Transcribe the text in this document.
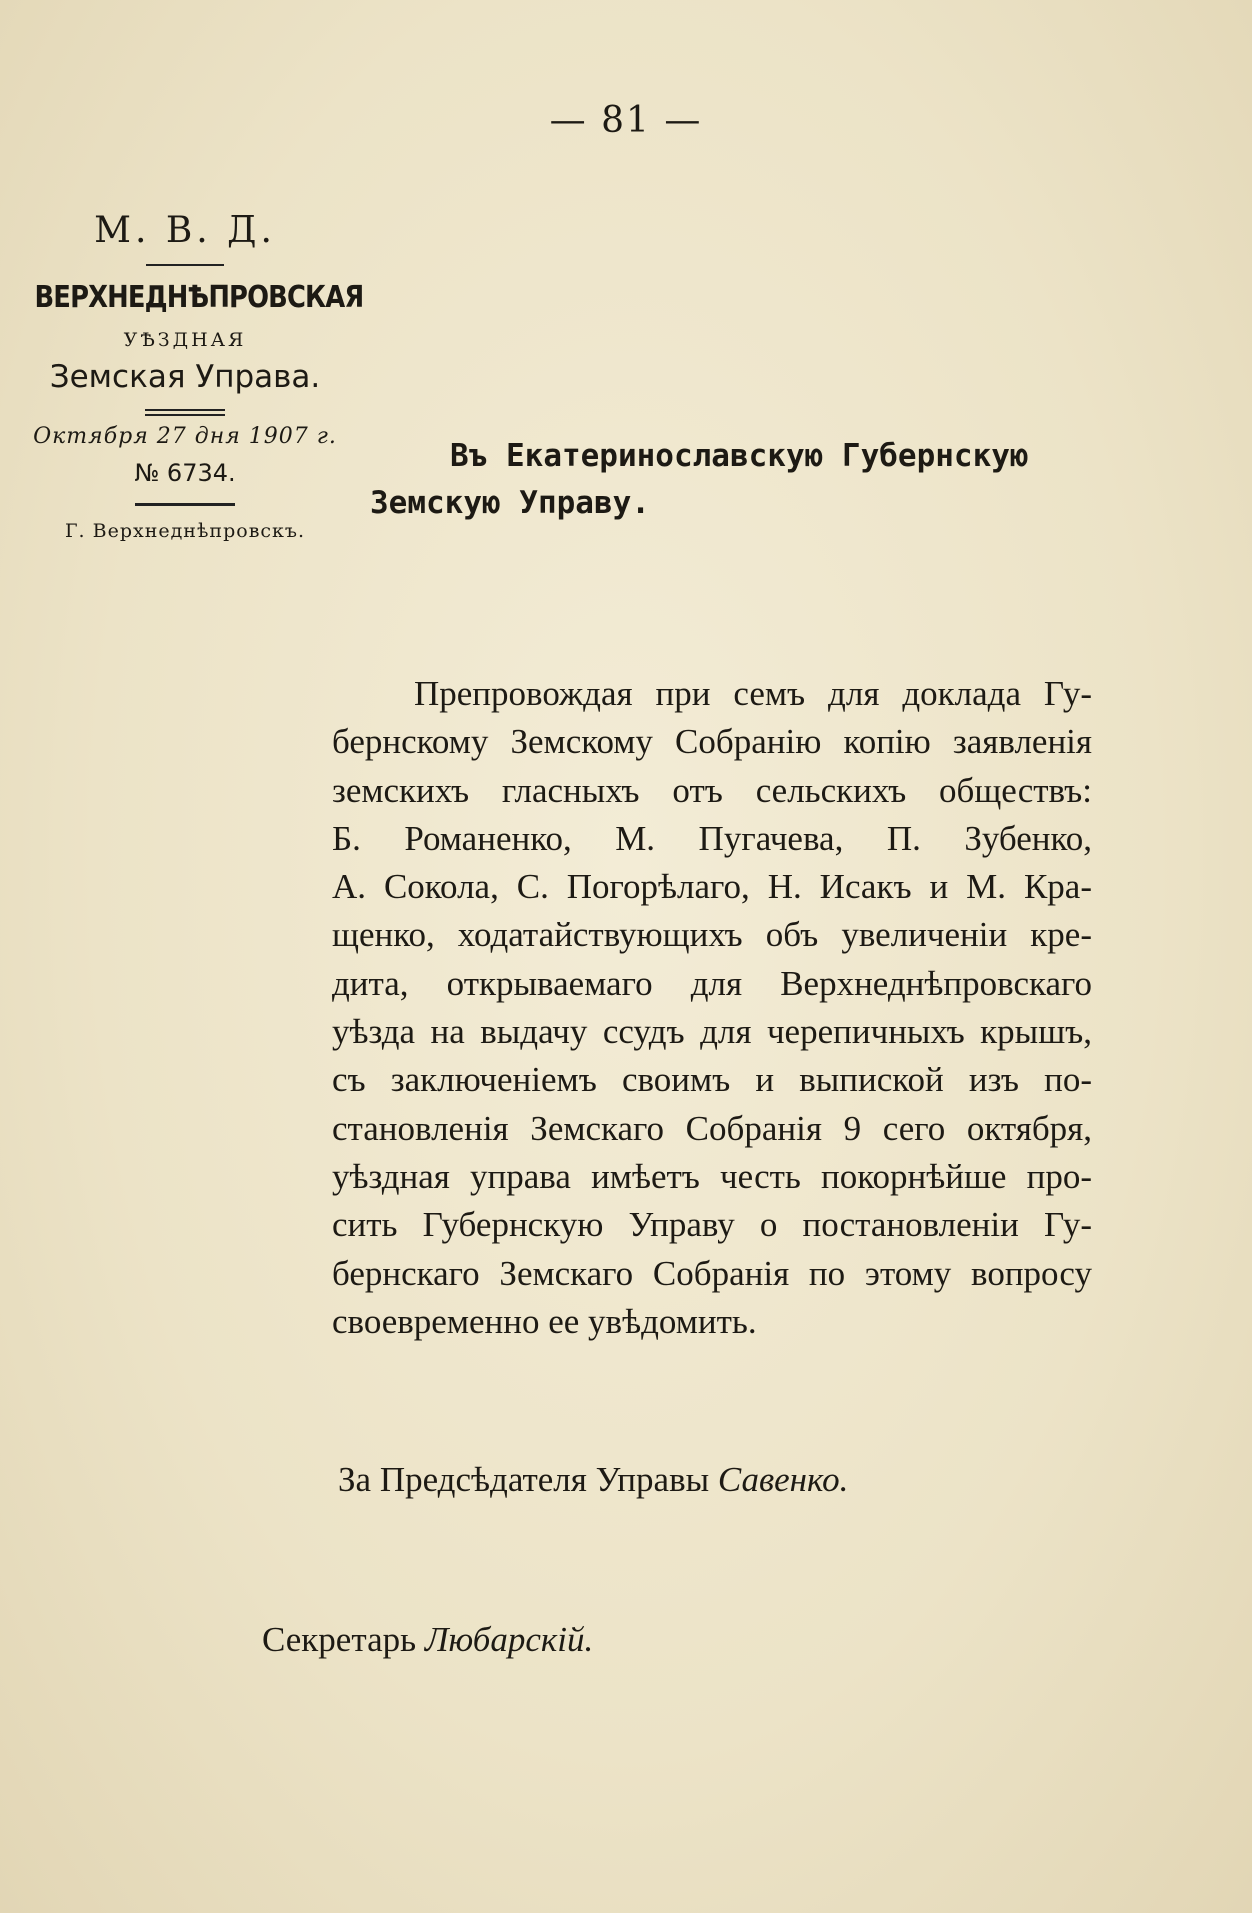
— 81 —
М. В. Д.
ВЕРХНЕДНѢПРОВСКАЯ
УѢЗДНАЯ
Земская Управа.
Октября 27 дня 1907 г.
№ 6734.
Г. Верхнеднѣпровскъ.
Въ Екатеринославскую Губернскую
Земскую Управу.
Препровождая при семъ для доклада Гу-
бернскому Земскому Собранію копію заявленія
земскихъ гласныхъ отъ сельскихъ обществъ:
Б. Романенко, М. Пугачева, П. Зубенко,
А. Сокола, С. Погорѣлаго, Н. Исакъ и М. Кра-
щенко, ходатайствующихъ объ увеличеніи кре-
дита, открываемаго для Верхнеднѣпровскаго
уѣзда на выдачу ссудъ для черепичныхъ крышъ,
съ заключеніемъ своимъ и выпиской изъ по-
становленія Земскаго Собранія 9 сего октября,
уѣздная управа имѣетъ честь покорнѣйше про-
сить Губернскую Управу о постановленіи Гу-
бернскаго Земскаго Собранія по этому вопросу
своевременно ее увѣдомить.
За Предсѣдателя Управы Савенко.
Секретарь Любарскій.
